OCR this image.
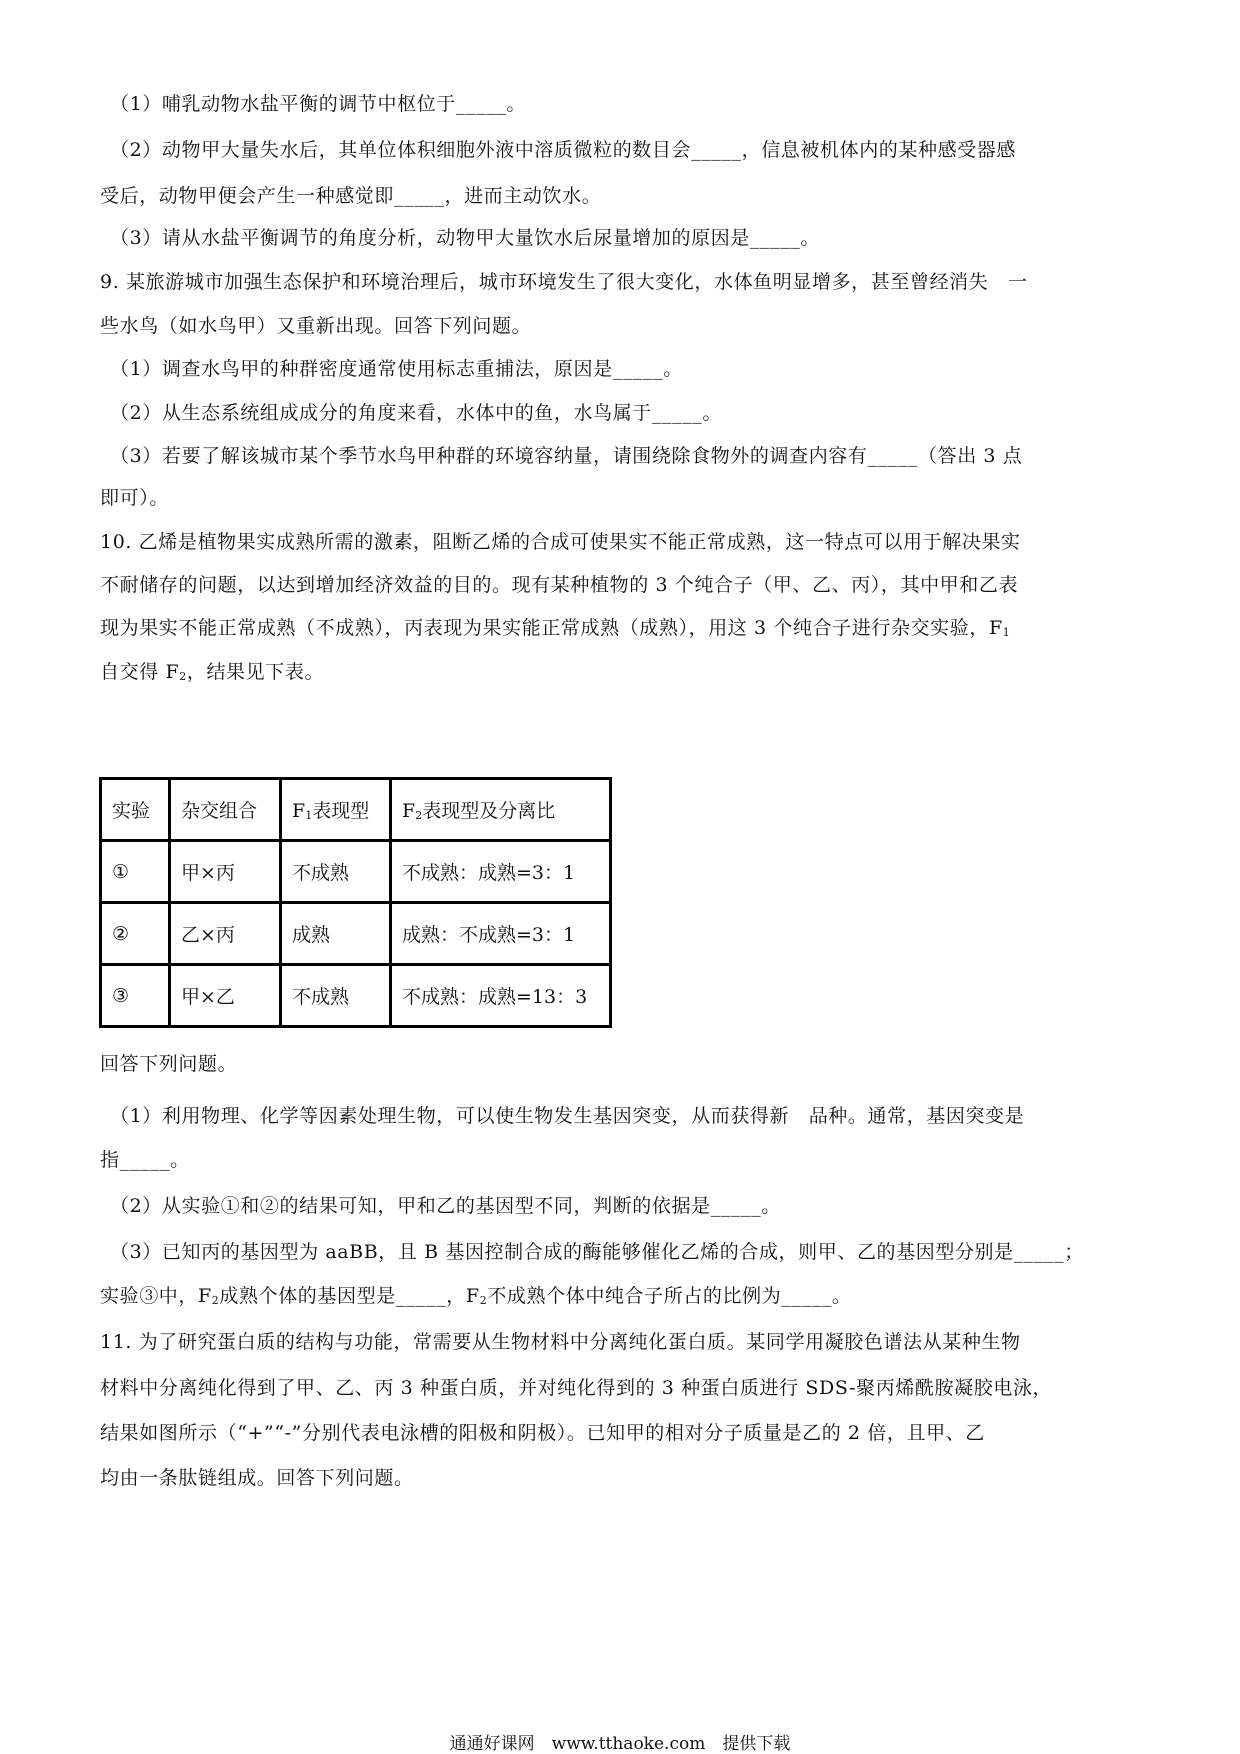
（1）哺乳动物水盐平衡的调节中枢位于_____。
（2）动物甲大量失水后，其单位体积细胞外液中溶质微粒的数目会_____，信息被机体内的某种感受器感
受后，动物甲便会产生一种感觉即_____，进而主动饮水。
（3）请从水盐平衡调节的角度分析，动物甲大量饮水后尿量增加的原因是_____。
9. 某旅游城市加强生态保护和环境治理后，城市环境发生了很大变化，水体鱼明显增多，甚至曾经消失　一
些水鸟（如水鸟甲）又重新出现。回答下列问题。
（1）调查水鸟甲的种群密度通常使用标志重捕法，原因是_____。
（2）从生态系统组成成分的角度来看，水体中的鱼，水鸟属于_____。
（3）若要了解该城市某个季节水鸟甲种群的环境容纳量，请围绕除食物外的调查内容有_____（答出 3 点
即可）。
10. 乙烯是植物果实成熟所需的激素，阻断乙烯的合成可使果实不能正常成熟，这一特点可以用于解决果实
不耐储存的问题，以达到增加经济效益的目的。现有某种植物的 3 个纯合子（甲、乙、丙），其中甲和乙表
现为果实不能正常成熟（不成熟），丙表现为果实能正常成熟（成熟），用这 3 个纯合子进行杂交实验，$F_1$
自交得 $F_2$，结果见下表。
实验	杂交组合	$F_1$表现型	$F_2$表现型及分离比
①	甲×丙	不成熟	不成熟：成熟=3：1
②	乙×丙	成熟	成熟：不成熟=3：1
③	甲×乙	不成熟	不成熟：成熟=13：3
回答下列问题。
（1）利用物理、化学等因素处理生物，可以使生物发生基因突变，从而获得新　品种。通常，基因突变是
指_____。
（2）从实验①和②的结果可知，甲和乙的基因型不同，判断的依据是_____。
（3）已知丙的基因型为 aaBB，且 B 基因控制合成的酶能够催化乙烯的合成，则甲、乙的基因型分别是_____；
实验③中，$F_2$成熟个体的基因型是_____，$F_2$不成熟个体中纯合子所占的比例为_____。
11. 为了研究蛋白质的结构与功能，常需要从生物材料中分离纯化蛋白质。某同学用凝胶色谱法从某种生物
材料中分离纯化得到了甲、乙、丙 3 种蛋白质，并对纯化得到的 3 种蛋白质进行 SDS-聚丙烯酰胺凝胶电泳，
结果如图所示（“+”“-”分别代表电泳槽的阳极和阴极）。已知甲的相对分子质量是乙的 2 倍，且甲、乙
均由一条肽链组成。回答下列问题。
通通好课网　www.tthaoke.com　提供下载
